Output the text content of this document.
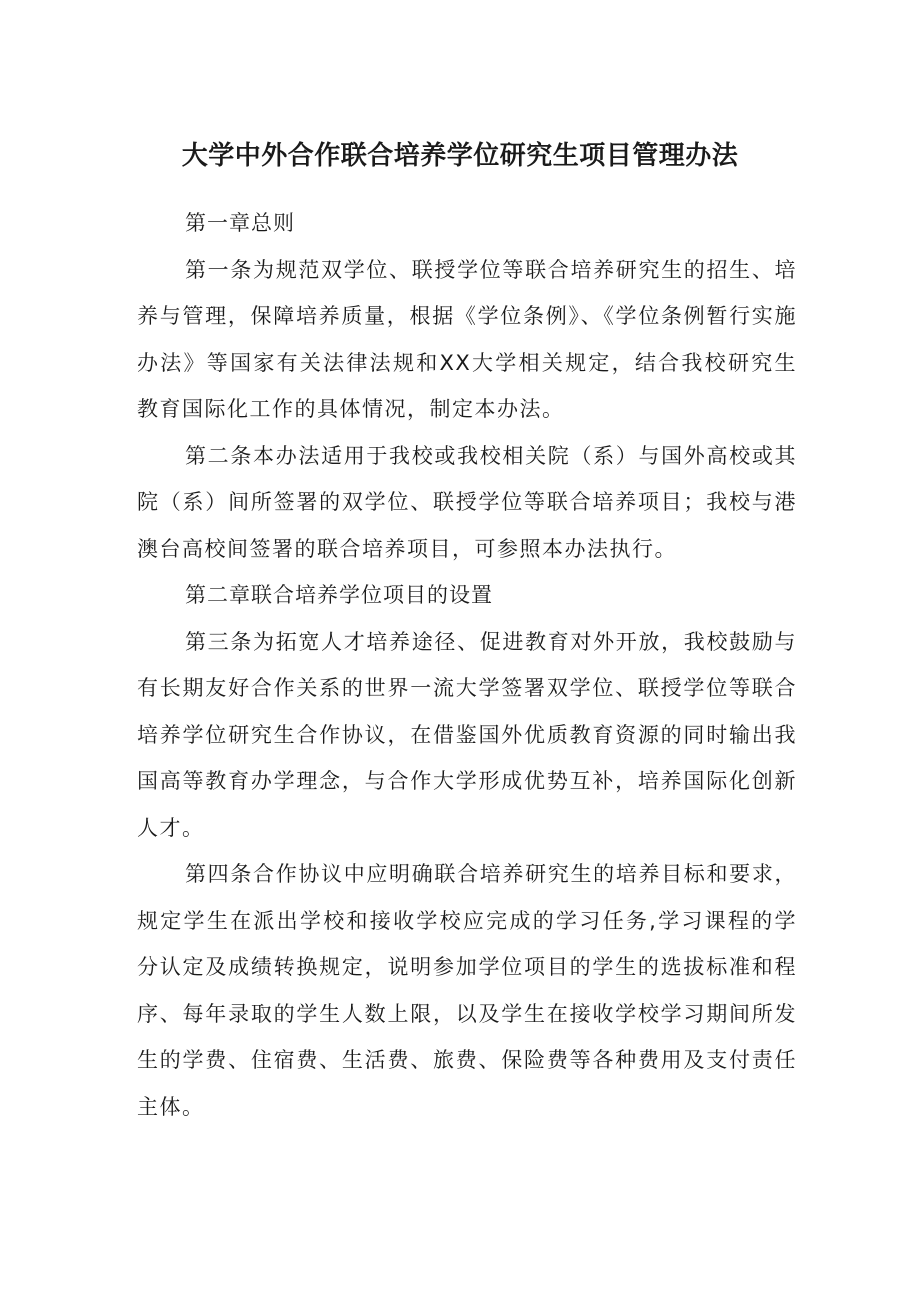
大学中外合作联合培养学位研究生项目管理办法

第一章总则

第一条为规范双学位、联授学位等联合培养研究生的招生、培养与管理，保障培养质量，根据《学位条例》、《学位条例暂行实施办法》等国家有关法律法规和XX大学相关规定，结合我校研究生教育国际化工作的具体情况，制定本办法。

第二条本办法适用于我校或我校相关院（系）与国外高校或其院（系）间所签署的双学位、联授学位等联合培养项目；我校与港澳台高校间签署的联合培养项目，可参照本办法执行。

第二章联合培养学位项目的设置

第三条为拓宽人才培养途径、促进教育对外开放，我校鼓励与有长期友好合作关系的世界一流大学签署双学位、联授学位等联合培养学位研究生合作协议，在借鉴国外优质教育资源的同时输出我国高等教育办学理念，与合作大学形成优势互补，培养国际化创新人才。

第四条合作协议中应明确联合培养研究生的培养目标和要求，规定学生在派出学校和接收学校应完成的学习任务,学习课程的学分认定及成绩转换规定，说明参加学位项目的学生的选拔标准和程序、每年录取的学生人数上限，以及学生在接收学校学习期间所发生的学费、住宿费、生活费、旅费、保险费等各种费用及支付责任主体。
